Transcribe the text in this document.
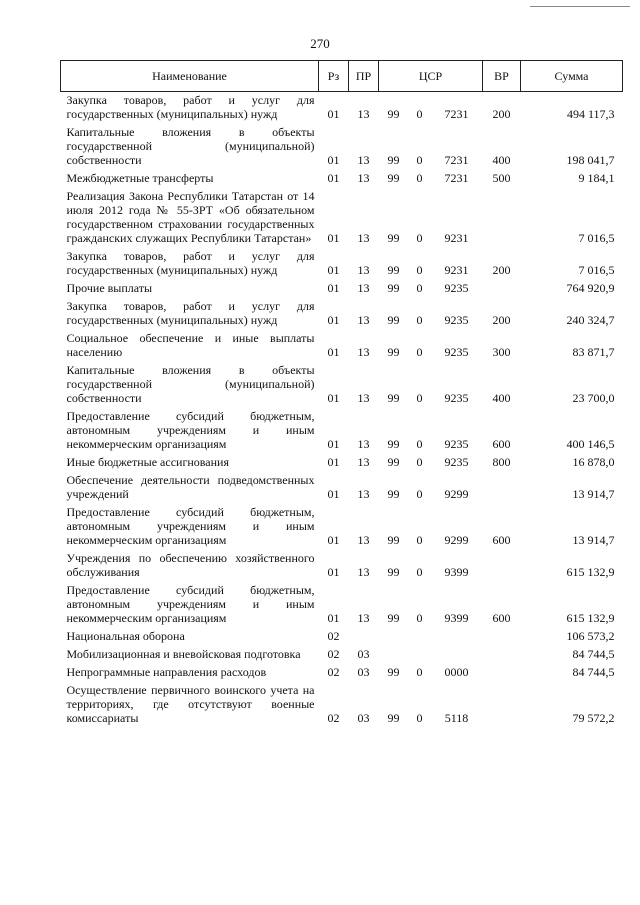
270
Наименование	Рз	ПР	ЦСР			ВР	Сумма
Закупка товаров, работ и услуг для государственных (муниципальных) нужд	01	13	99	0	7231	200	494 117,3
Капитальные вложения в объекты государственной (муниципальной) собственности	01	13	99	0	7231	400	198 041,7
Межбюджетные трансферты	01	13	99	0	7231	500	9 184,1
Реализация Закона Республики Татарстан от 14 июля 2012 года № 55-ЗРТ «Об обязательном государственном страховании государственных гражданских служащих Республики Татарстан»	01	13	99	0	9231		7 016,5
Закупка товаров, работ и услуг для государственных (муниципальных) нужд	01	13	99	0	9231	200	7 016,5
Прочие выплаты	01	13	99	0	9235		764 920,9
Закупка товаров, работ и услуг для государственных (муниципальных) нужд	01	13	99	0	9235	200	240 324,7
Социальное обеспечение и иные выплаты населению	01	13	99	0	9235	300	83 871,7
Капитальные вложения в объекты государственной (муниципальной) собственности	01	13	99	0	9235	400	23 700,0
Предоставление субсидий бюджетным, автономным учреждениям и иным некоммерческим организациям	01	13	99	0	9235	600	400 146,5
Иные бюджетные ассигнования	01	13	99	0	9235	800	16 878,0
Обеспечение деятельности подведомственных учреждений	01	13	99	0	9299		13 914,7
Предоставление субсидий бюджетным, автономным учреждениям и иным некоммерческим организациям	01	13	99	0	9299	600	13 914,7
Учреждения по обеспечению хозяйственного обслуживания	01	13	99	0	9399		615 132,9
Предоставление субсидий бюджетным, автономным учреждениям и иным некоммерческим организациям	01	13	99	0	9399	600	615 132,9
Национальная оборона	02						106 573,2
Мобилизационная и вневойсковая подготовка	02	03					84 744,5
Непрограммные направления расходов	02	03	99	0	0000		84 744,5
Осуществление первичного воинского учета на территориях, где отсутствуют военные комиссариаты	02	03	99	0	5118		79 572,2
